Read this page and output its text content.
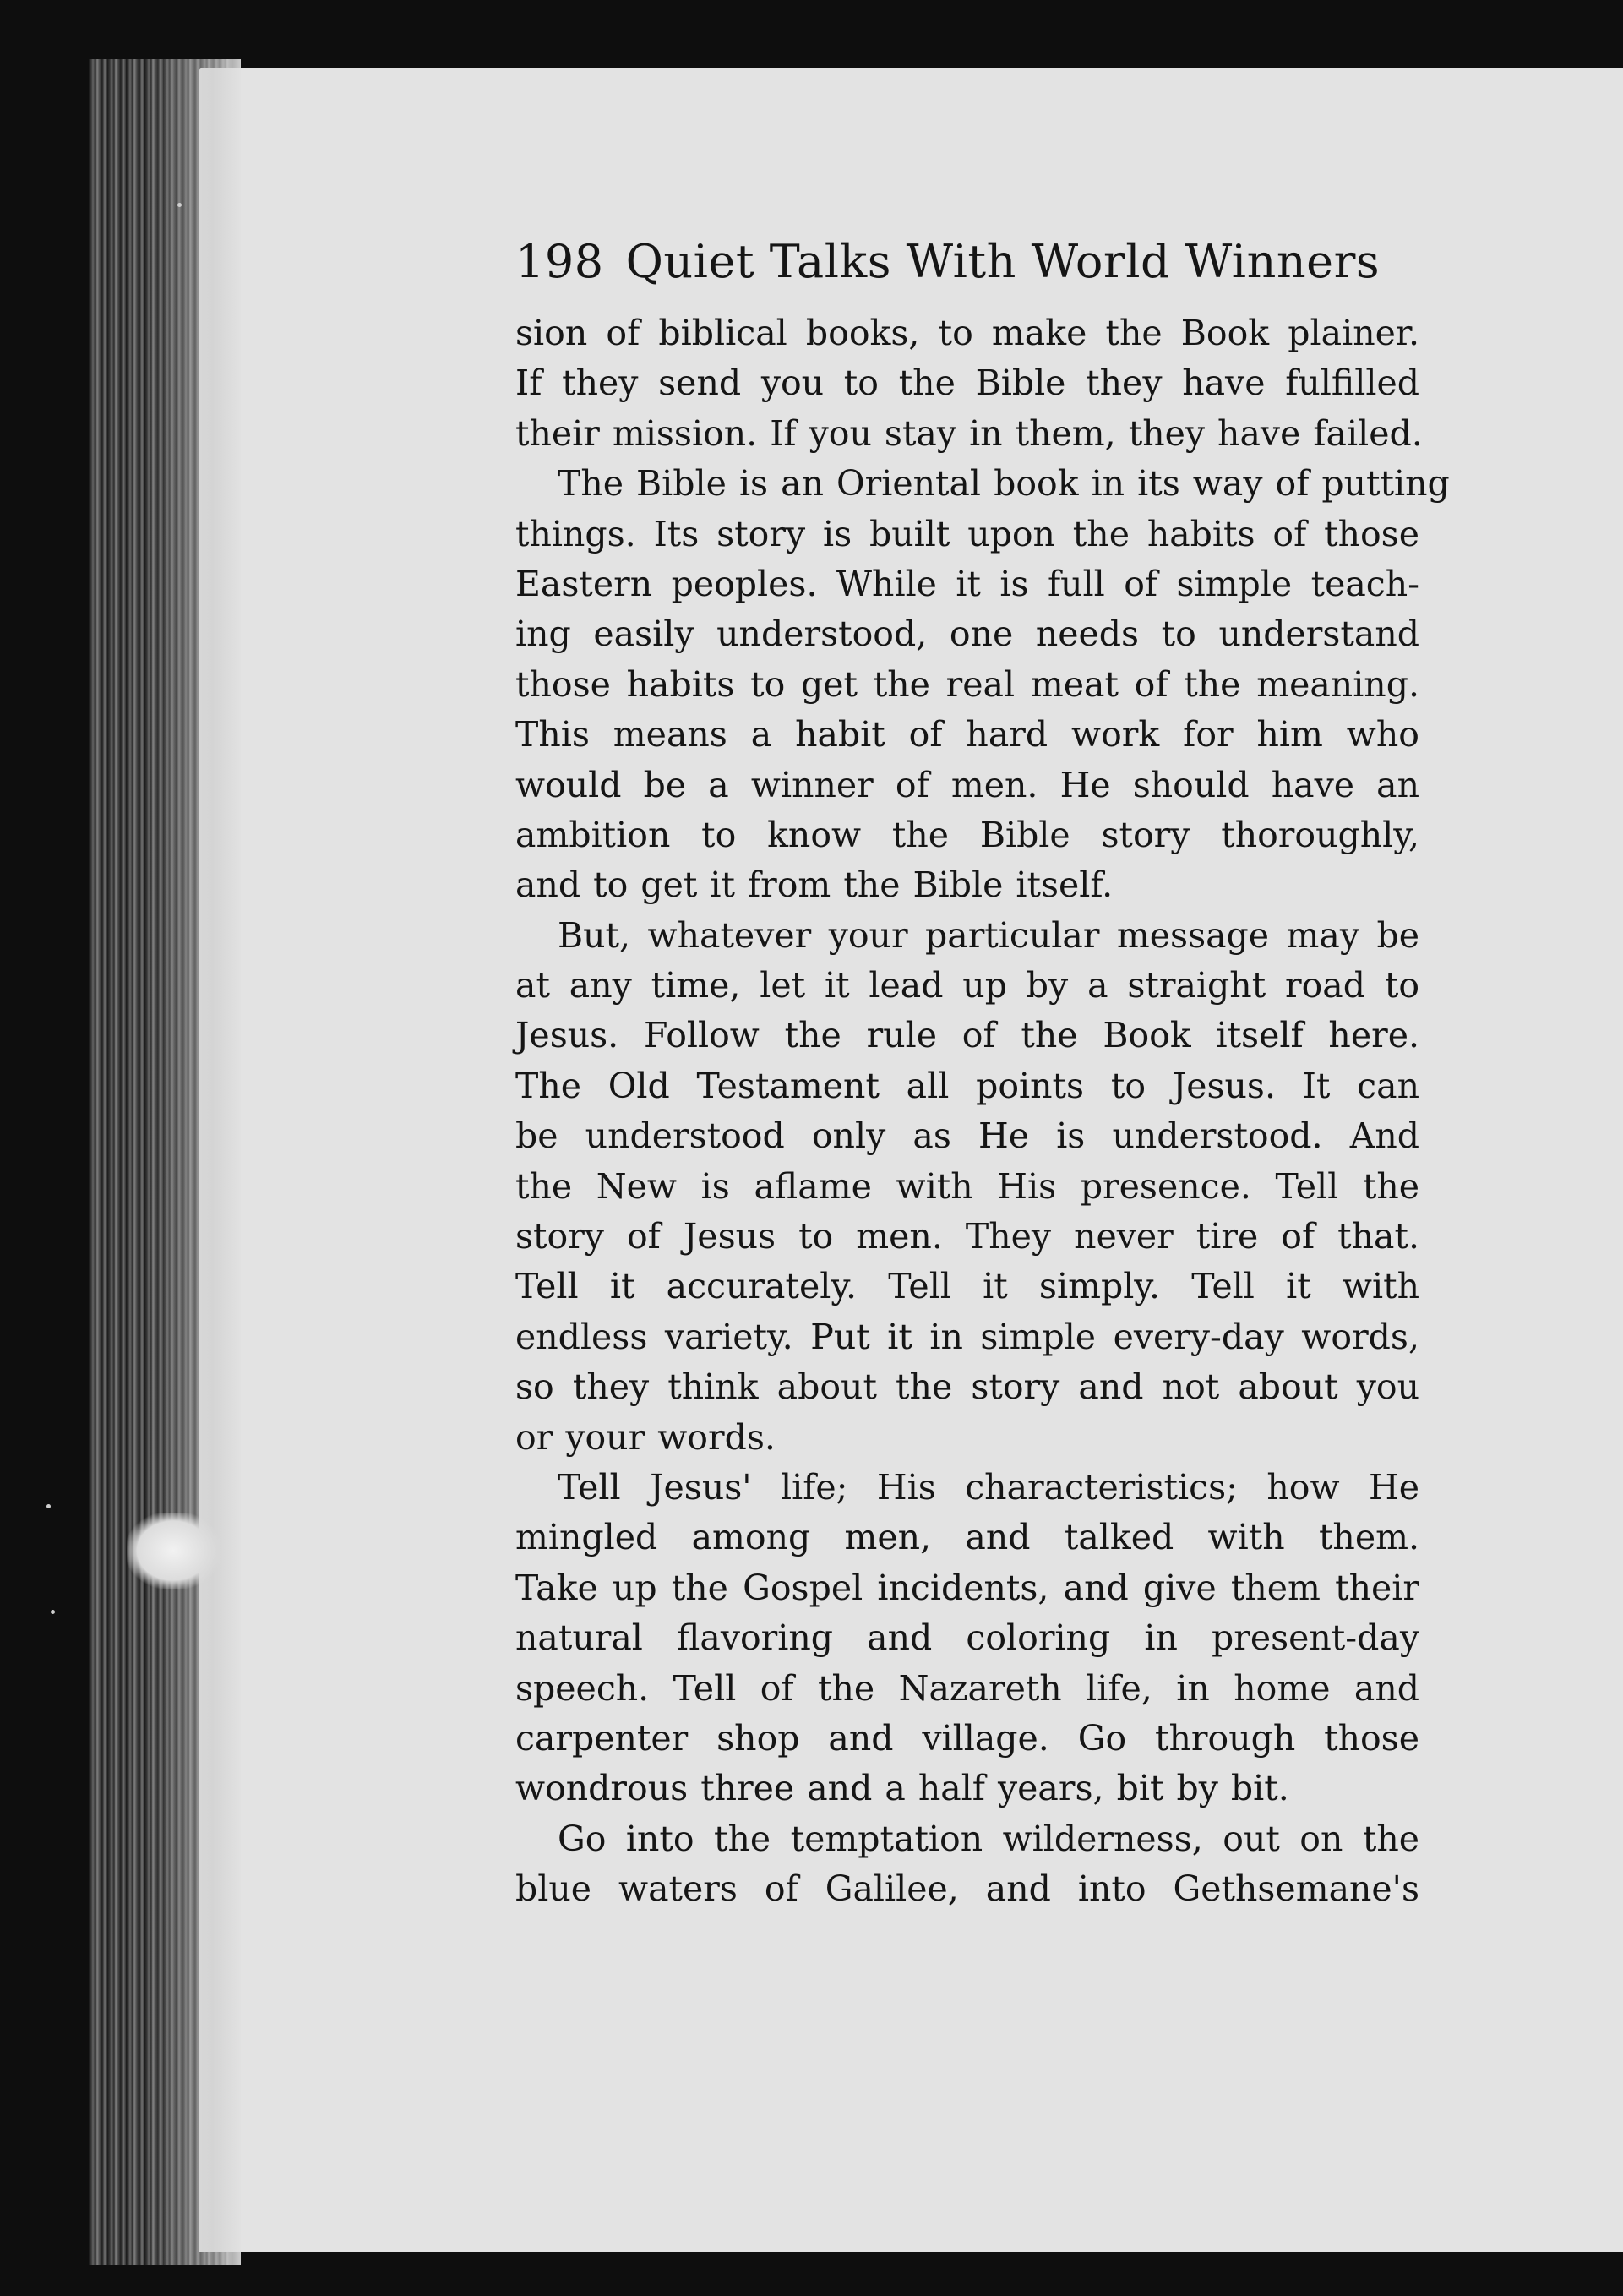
198 Quiet Talks With World Winners
sion of biblical books, to make the Book plainer.
If they send you to the Bible they have fulfilled
their mission. If you stay in them, they have failed.
The Bible is an Oriental book in its way of putting
things. Its story is built upon the habits of those
Eastern peoples. While it is full of simple teach-
ing easily understood, one needs to understand
those habits to get the real meat of the meaning.
This means a habit of hard work for him who
would be a winner of men. He should have an
ambition to know the Bible story thoroughly,
and to get it from the Bible itself.
But, whatever your particular message may be
at any time, let it lead up by a straight road to
Jesus. Follow the rule of the Book itself here.
The Old Testament all points to Jesus. It can
be understood only as He is understood. And
the New is aflame with His presence. Tell the
story of Jesus to men. They never tire of that.
Tell it accurately. Tell it simply. Tell it with
endless variety. Put it in simple every-day words,
so they think about the story and not about you
or your words.
Tell Jesus' life; His characteristics; how He
mingled among men, and talked with them.
Take up the Gospel incidents, and give them their
natural flavoring and coloring in present-day
speech. Tell of the Nazareth life, in home and
carpenter shop and village. Go through those
wondrous three and a half years, bit by bit.
Go into the temptation wilderness, out on the
blue waters of Galilee, and into Gethsemane's
